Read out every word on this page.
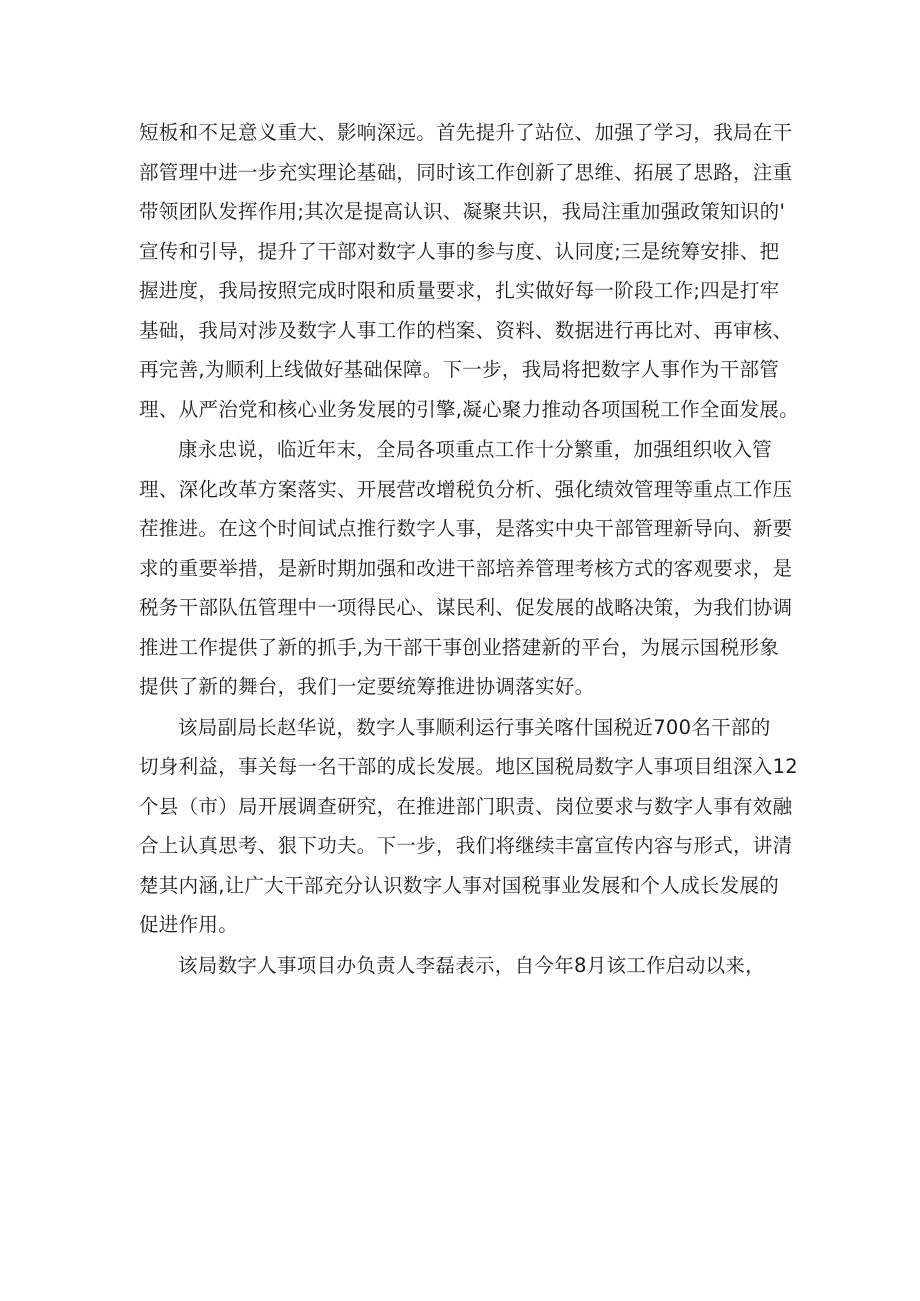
短板和不足意义重大、影响深远。首先提升了站位、加强了学习，我局在干
部管理中进一步充实理论基础，同时该工作创新了思维、拓展了思路，注重
带领团队发挥作用;其次是提高认识、凝聚共识，我局注重加强政策知识的'
宣传和引导，提升了干部对数字人事的参与度、认同度;三是统筹安排、把
握进度，我局按照完成时限和质量要求，扎实做好每一阶段工作;四是打牢
基础，我局对涉及数字人事工作的档案、资料、数据进行再比对、再审核、
再完善,为顺利上线做好基础保障。下一步，我局将把数字人事作为干部管
理、从严治党和核心业务发展的引擎,凝心聚力推动各项国税工作全面发展。

康永忠说，临近年末，全局各项重点工作十分繁重，加强组织收入管
理、深化改革方案落实、开展营改增税负分析、强化绩效管理等重点工作压
茬推进。在这个时间试点推行数字人事，是落实中央干部管理新导向、新要
求的重要举措，是新时期加强和改进干部培养管理考核方式的客观要求，是
税务干部队伍管理中一项得民心、谋民利、促发展的战略决策，为我们协调
推进工作提供了新的抓手,为干部干事创业搭建新的平台，为展示国税形象
提供了新的舞台，我们一定要统筹推进协调落实好。

该局副局长赵华说，数字人事顺利运行事关喀什国税近700名干部的
切身利益，事关每一名干部的成长发展。地区国税局数字人事项目组深入12
个县（市）局开展调查研究，在推进部门职责、岗位要求与数字人事有效融
合上认真思考、狠下功夫。下一步，我们将继续丰富宣传内容与形式，讲清
楚其内涵,让广大干部充分认识数字人事对国税事业发展和个人成长发展的
促进作用。

该局数字人事项目办负责人李磊表示，自今年8月该工作启动以来，
